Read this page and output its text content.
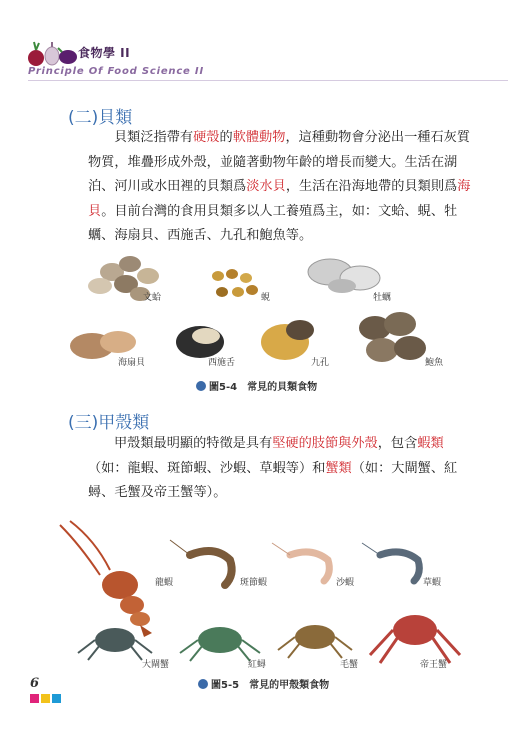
食物學 II
Principle Of Food Science II
(二)貝類

貝類泛指帶有硬殼的軟體動物，這種動物會分泌出一種石灰質物質，堆疊形成外殼，並隨著動物年齡的增長而變大。生活在湖泊、河川或水田裡的貝類爲淡水貝，生活在沿海地帶的貝類則爲海貝。目前台灣的食用貝類多以人工養殖爲主，如：文蛤、蜆、牡蠣、海扇貝、西施舌、九孔和鮑魚等。

文蛤	蜆	牡蠣
海扇貝	西施舌	九孔	鮑魚
圖5-4　常見的貝類食物
(三)甲殼類

甲殼類最明顯的特徵是具有堅硬的肢節與外殼，包含蝦類（如：龍蝦、斑節蝦、沙蝦、草蝦等）和蟹類（如：大閘蟹、紅蟳、毛蟹及帝王蟹等）。

龍蝦	斑節蝦	沙蝦	草蝦
大閘蟹	紅蟳	毛蟹	帝王蟹
圖5-5　常見的甲殼類食物
6
